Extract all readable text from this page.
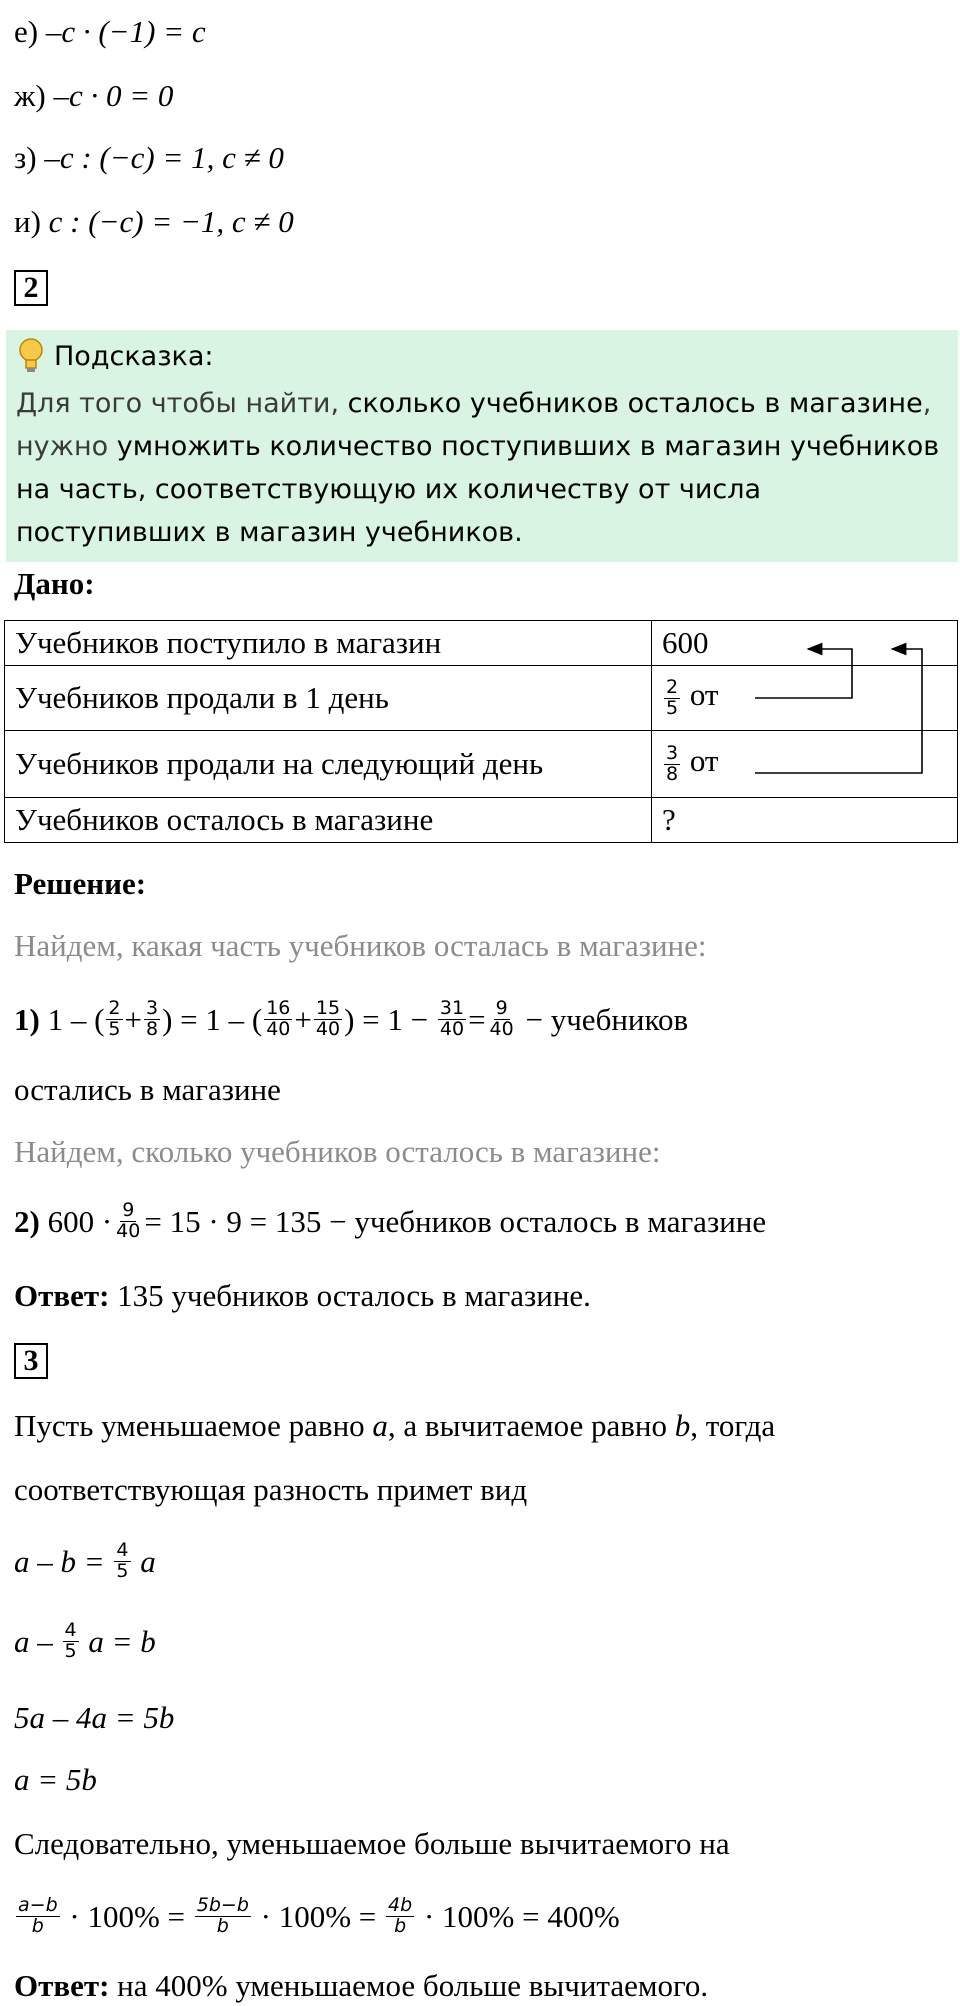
е) –c · (−1) = c
ж) –c · 0 = 0
з) –c : (−c) = 1, c ≠ 0
и) c : (−c) = −1, c ≠ 0
2
Подсказка:
Для того чтобы найти, сколько учебников осталось в магазине, нужно умножить количество поступивших в магазин учебников на часть, соответствующую их количеству от числа поступивших в магазин учебников.
Дано:
Учебников поступило в магазин	600
Учебников продали в 1 день	$\frac{2}{5}$ от
Учебников продали на следующий день	$\frac{3}{8}$ от
Учебников осталось в магазине	?
Решение:
Найдем, какая часть учебников осталась в магазине:
1)
1 – ( $\frac{2}{5} + \frac{3}{8}$ ) = 1 – ( $\frac{16}{40} + \frac{15}{40}$ ) = 1 −
$\frac{31}{40} = \frac{9}{40}$
− учебников
остались в магазине
Найдем, сколько учебников осталось в магазине:
2)
$600 \cdot \frac{9}{40} = 15 \cdot 9 = 135$ − учебников осталось в магазине
Ответ: 135 учебников осталось в магазине.
3
Пусть уменьшаемое равно a, а вычитаемое равно b, тогда
соответствующая разность примет вид
a – b =
$\frac{4}{5}$
a
a –
$\frac{4}{5}$
a = b
5a – 4a = 5b
a = 5b
Следовательно, уменьшаемое больше вычитаемого на
$\frac{a-b}{b}$
· 100% =
$\frac{5b-b}{b}$
· 100% =
$\frac{4b}{b}$
· 100% = 400%
Ответ: на 400% уменьшаемое больше вычитаемого.
